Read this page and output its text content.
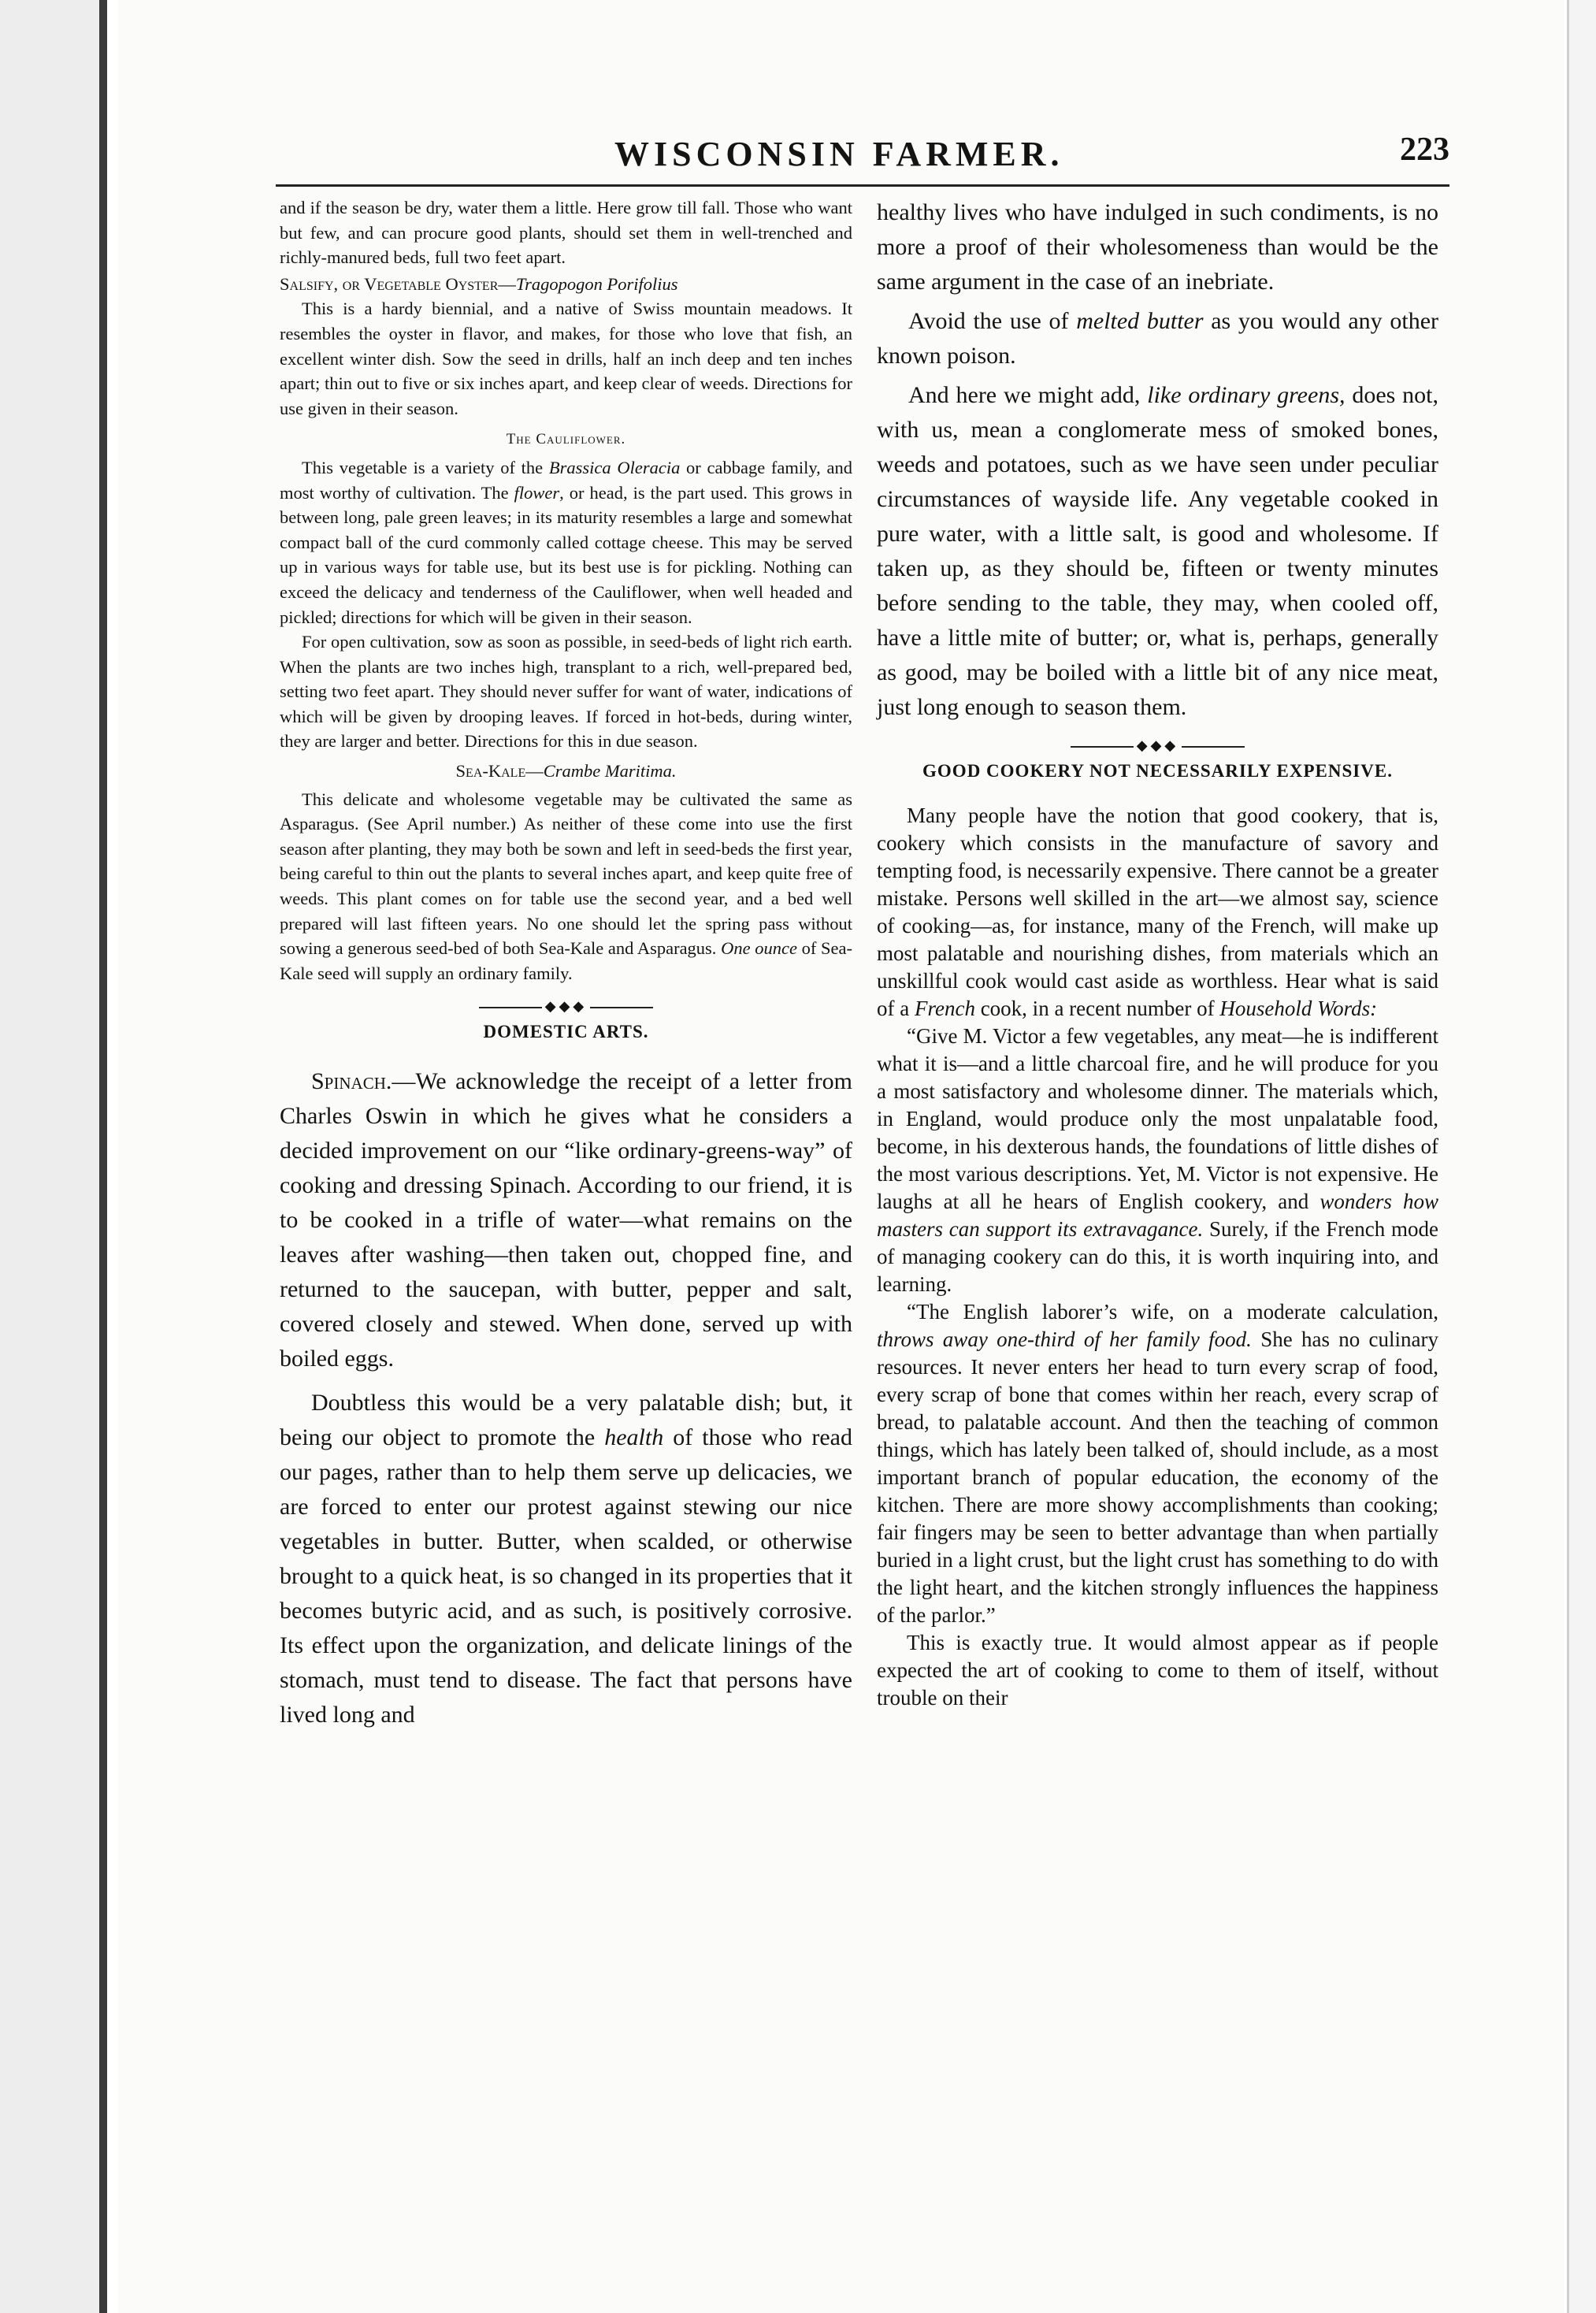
WISCONSIN FARMER.	223

and if the season be dry, water them a little. Here grow till fall. Those who want but few, and can procure good plants, should set them in well-trenched and richly-manured beds, full two feet apart.

Salsify, or Vegetable Oyster—Tragopogon Porifolius

This is a hardy biennial, and a native of Swiss mountain meadows. It resembles the oyster in flavor, and makes, for those who love that fish, an excellent winter dish. Sow the seed in drills, half an inch deep and ten inches apart; thin out to five or six inches apart, and keep clear of weeds. Directions for use given in their season.

The Cauliflower.

This vegetable is a variety of the Brassica Oleracia or cabbage family, and most worthy of cultivation. The flower, or head, is the part used. This grows in between long, pale green leaves; in its maturity resembles a large and somewhat compact ball of the curd commonly called cottage cheese. This may be served up in various ways for table use, but its best use is for pickling. Nothing can exceed the delicacy and tenderness of the Cauliflower, when well headed and pickled; directions for which will be given in their season.

For open cultivation, sow as soon as possible, in seed-beds of light rich earth. When the plants are two inches high, transplant to a rich, well-prepared bed, setting two feet apart. They should never suffer for want of water, indications of which will be given by drooping leaves. If forced in hot-beds, during winter, they are larger and better. Directions for this in due season.

Sea-Kale—Crambe Maritima.

This delicate and wholesome vegetable may be cultivated the same as Asparagus. (See April number.) As neither of these come into use the first season after planting, they may both be sown and left in seed-beds the first year, being careful to thin out the plants to several inches apart, and keep quite free of weeds. This plant comes on for table use the second year, and a bed well prepared will last fifteen years. No one should let the spring pass without sowing a generous seed-bed of both Sea-Kale and Asparagus. One ounce of Sea-Kale seed will supply an ordinary family.

◆◆◆
DOMESTIC ARTS.

Spinach.—We acknowledge the receipt of a letter from Charles Oswin in which he gives what he considers a decided improvement on our “like ordinary-greens-way” of cooking and dressing Spinach. According to our friend, it is to be cooked in a trifle of water—what remains on the leaves after washing—then taken out, chopped fine, and returned to the saucepan, with butter, pepper and salt, covered closely and stewed. When done, served up with boiled eggs.

Doubtless this would be a very palatable dish; but, it being our object to promote the health of those who read our pages, rather than to help them serve up delicacies, we are forced to enter our protest against stewing our nice vegetables in butter. Butter, when scalded, or otherwise brought to a quick heat, is so changed in its properties that it becomes butyric acid, and as such, is positively corrosive. Its effect upon the organization, and delicate linings of the stomach, must tend to disease. The fact that persons have lived long and

healthy lives who have indulged in such condiments, is no more a proof of their wholesomeness than would be the same argument in the case of an inebriate.

Avoid the use of melted butter as you would any other known poison.

And here we might add, like ordinary greens, does not, with us, mean a conglomerate mess of smoked bones, weeds and potatoes, such as we have seen under peculiar circumstances of wayside life. Any vegetable cooked in pure water, with a little salt, is good and wholesome. If taken up, as they should be, fifteen or twenty minutes before sending to the table, they may, when cooled off, have a little mite of butter; or, what is, perhaps, generally as good, may be boiled with a little bit of any nice meat, just long enough to season them.

◆◆◆
GOOD COOKERY NOT NECESSARILY EXPENSIVE.

Many people have the notion that good cookery, that is, cookery which consists in the manufacture of savory and tempting food, is necessarily expensive. There cannot be a greater mistake. Persons well skilled in the art—we almost say, science of cooking—as, for instance, many of the French, will make up most palatable and nourishing dishes, from materials which an unskillful cook would cast aside as worthless. Hear what is said of a French cook, in a recent number of Household Words:

“Give M. Victor a few vegetables, any meat—he is indifferent what it is—and a little charcoal fire, and he will produce for you a most satisfactory and wholesome dinner. The materials which, in England, would produce only the most unpalatable food, become, in his dexterous hands, the foundations of little dishes of the most various descriptions. Yet, M. Victor is not expensive. He laughs at all he hears of English cookery, and wonders how masters can support its extravagance. Surely, if the French mode of managing cookery can do this, it is worth inquiring into, and learning.

“The English laborer’s wife, on a moderate calculation, throws away one-third of her family food. She has no culinary resources. It never enters her head to turn every scrap of food, every scrap of bone that comes within her reach, every scrap of bread, to palatable account. And then the teaching of common things, which has lately been talked of, should include, as a most important branch of popular education, the economy of the kitchen. There are more showy accomplishments than cooking; fair fingers may be seen to better advantage than when partially buried in a light crust, but the light crust has something to do with the light heart, and the kitchen strongly influences the happiness of the parlor.”

This is exactly true. It would almost appear as if people expected the art of cooking to come to them of itself, without trouble on their
